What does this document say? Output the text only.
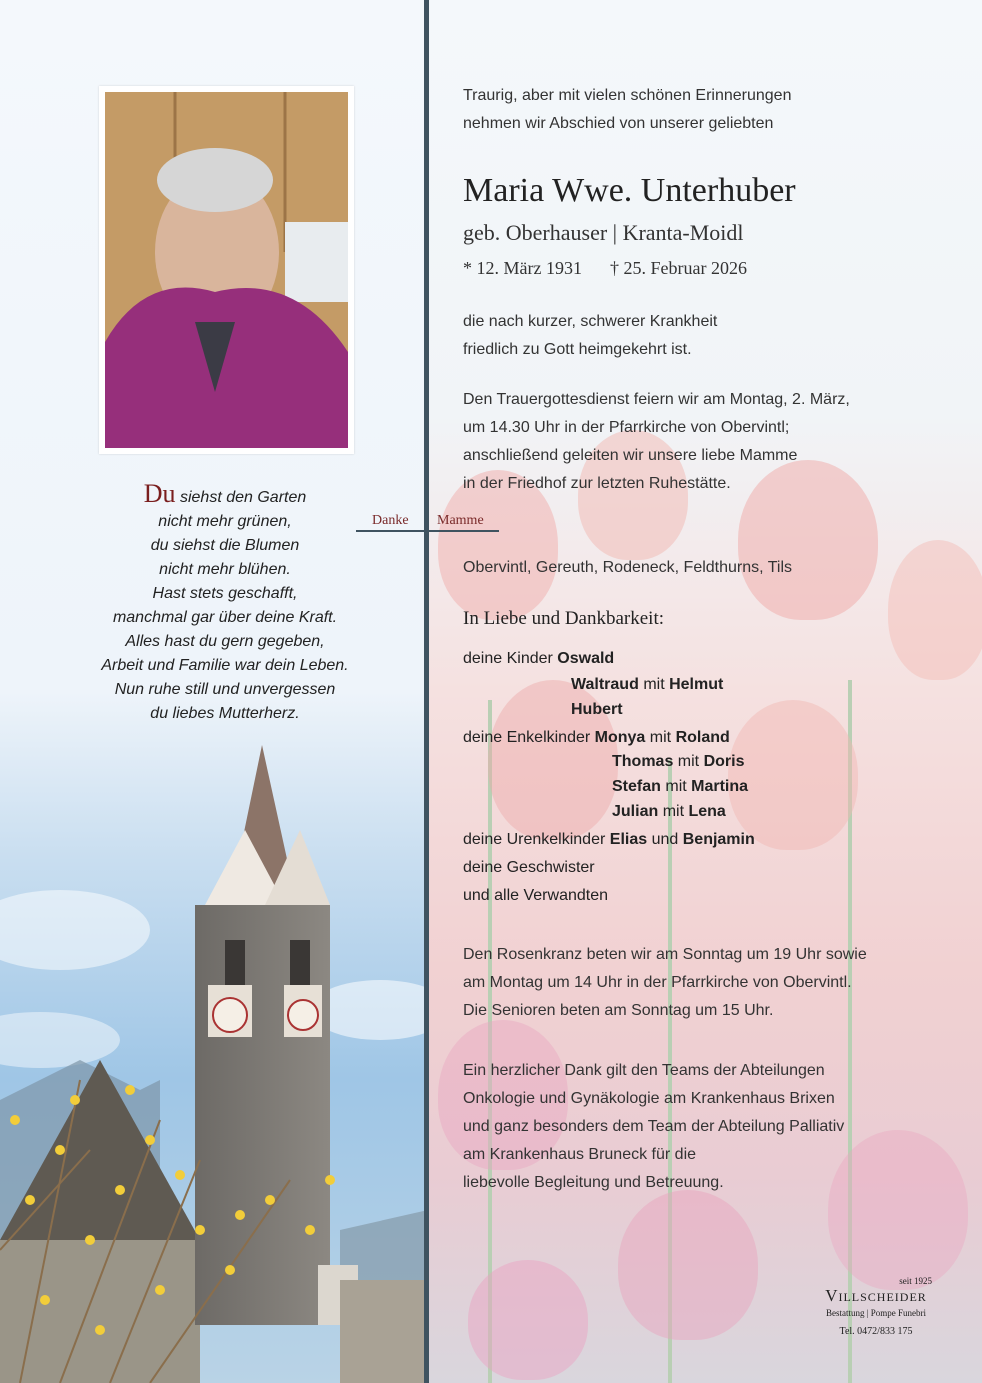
Danke Mamme
Du siehst den Garten
nicht mehr grünen,
du siehst die Blumen
nicht mehr blühen.
Hast stets geschafft,
manchmal gar über deine Kraft.
Alles hast du gern gegeben,
Arbeit und Familie war dein Leben.
Nun ruhe still und unvergessen
du liebes Mutterherz.
Traurig, aber mit vielen schönen Erinnerungen
nehmen wir Abschied von unserer geliebten
Maria Wwe. Unterhuber
geb. Oberhauser | Kranta-Moidl
* 12. März 1931 † 25. Februar 2026
die nach kurzer, schwerer Krankheit
friedlich zu Gott heimgekehrt ist.
Den Trauergottesdienst feiern wir am Montag, 2. März,
um 14.30 Uhr in der Pfarrkirche von Obervintl;
anschließend geleiten wir unsere liebe Mamme
in der Friedhof zur letzten Ruhestätte.
Obervintl, Gereuth, Rodeneck, Feldthurns, Tils
In Liebe und Dankbarkeit:
deine Kinder Oswald
Waltraud mit Helmut
Hubert
deine Enkelkinder Monya mit Roland
Thomas mit Doris
Stefan mit Martina
Julian mit Lena
deine Urenkelkinder Elias und Benjamin
deine Geschwister
und alle Verwandten
Den Rosenkranz beten wir am Sonntag um 19 Uhr sowie
am Montag um 14 Uhr in der Pfarrkirche von Obervintl.
Die Senioren beten am Sonntag um 15 Uhr.
Ein herzlicher Dank gilt den Teams der Abteilungen
Onkologie und Gynäkologie am Krankenhaus Brixen
und ganz besonders dem Team der Abteilung Palliativ
am Krankenhaus Bruneck für die
liebevolle Begleitung und Betreuung.
seit 1925
Villscheider
Bestattung | Pompe Funebri
Tel. 0472/833 175
